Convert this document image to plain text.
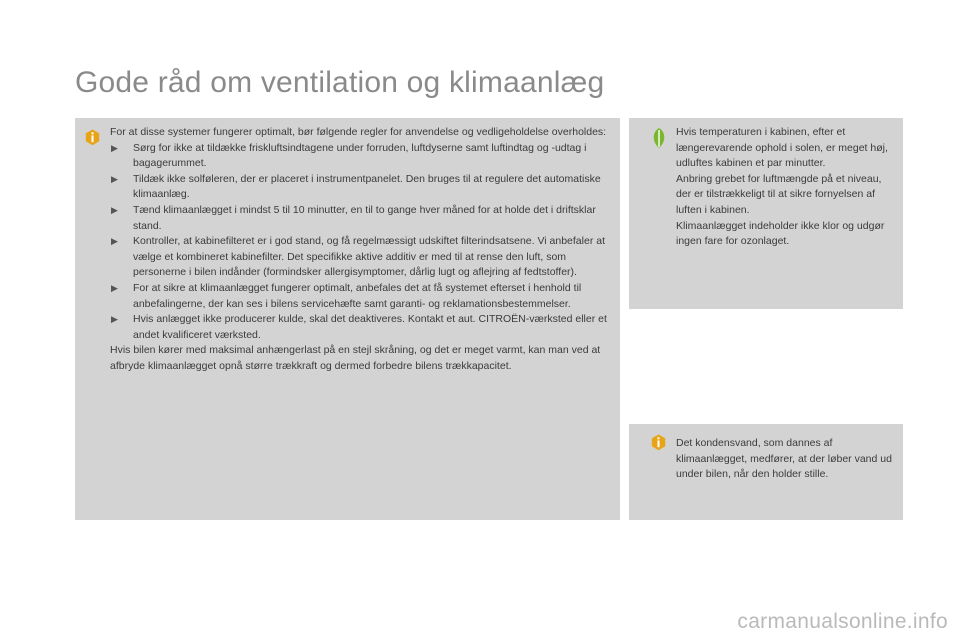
Gode råd om ventilation og klimaanlæg

For at disse systemer fungerer optimalt, bør følgende regler for anvendelse og vedligeholdelse overholdes:

▶ Sørg for ikke at tildække friskluftsindtagene under forruden, luftdyserne samt luftindtag og -udtag i bagagerummet.
▶ Tildæk ikke solføleren, der er placeret i instrumentpanelet. Den bruges til at regulere det automatiske klimaanlæg.
▶ Tænd klimaanlægget i mindst 5 til 10 minutter, en til to gange hver måned for at holde det i driftsklar stand.
▶ Kontroller, at kabinefilteret er i god stand, og få regelmæssigt udskiftet filterindsatsene. Vi anbefaler at vælge et kombineret kabinefilter. Det specifikke aktive additiv er med til at rense den luft, som personerne i bilen indånder (formindsker allergisymptomer, dårlig lugt og aflejring af fedtstoffer).
▶ For at sikre at klimaanlægget fungerer optimalt, anbefales det at få systemet efterset i henhold til anbefalingerne, der kan ses i bilens servicehæfte samt garanti- og reklamationsbestemmelser.
▶ Hvis anlægget ikke producerer kulde, skal det deaktiveres. Kontakt et aut. CITROËN-værksted eller et andet kvalificeret værksted.

Hvis bilen kører med maksimal anhængerlast på en stejl skråning, og det er meget varmt, kan man ved at afbryde klimaanlægget opnå større trækkraft og dermed forbedre bilens trækkapacitet.

Hvis temperaturen i kabinen, efter et længerevarende ophold i solen, er meget høj, udluftes kabinen et par minutter.

Anbring grebet for luftmængde på et niveau, der er tilstrækkeligt til at sikre fornyelsen af luften i kabinen.

Klimaanlægget indeholder ikke klor og udgør ingen fare for ozonlaget.

Det kondensvand, som dannes af klimaanlægget, medfører, at der løber vand ud under bilen, når den holder stille.

carmanualsonline.info
